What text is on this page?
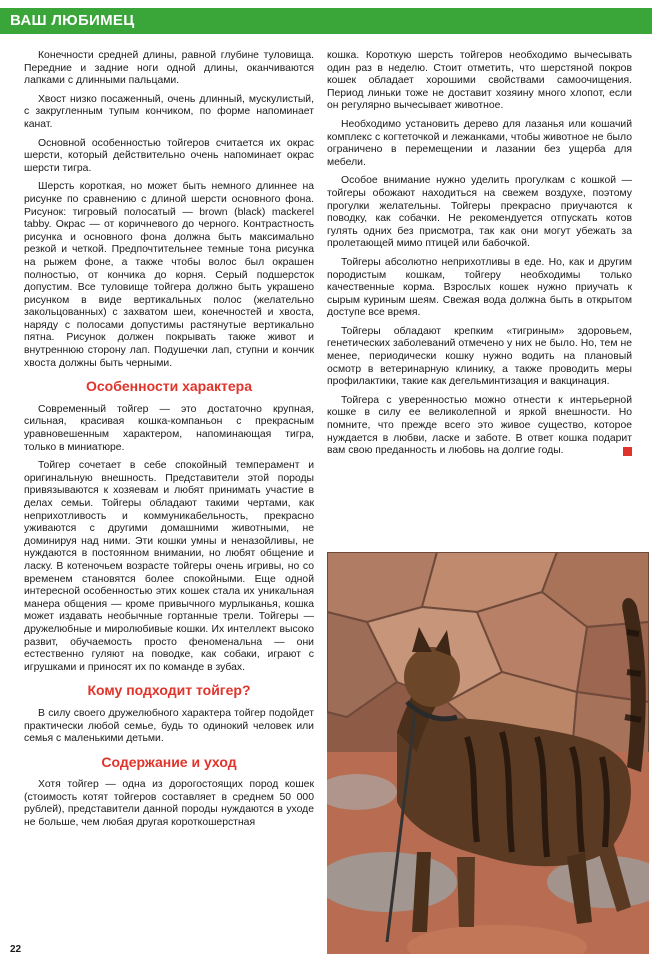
ВАШ ЛЮБИМЕЦ

Конечности средней длины, равной глубине туловища. Передние и задние ноги одной длины, оканчиваются лапками с длинными пальцами.

Хвост низко посаженный, очень длинный, мускулистый, с закругленным тупым кончиком, по форме напоминает канат.

Основной особенностью тойгеров считается их окрас шерсти, который действительно очень напоминает окрас шерсти тигра.

Шерсть короткая, но может быть немного длиннее на рисунке по сравнению с длиной шерсти основного фона. Рисунок: тигровый полосатый — brown (black) mackerel tabby. Окрас — от коричневого до черного. Контрастность рисунка и основного фона должна быть максимально резкой и четкой. Предпочтительнее темные тона рисунка на рыжем фоне, а также чтобы волос был окрашен полностью, от кончика до корня. Серый подшерсток допустим. Все туловище тойгера должно быть украшено рисунком в виде вертикальных полос (желательно закольцованных) с захватом шеи, конечностей и хвоста, наряду с полосами допустимы растянутые вертикально пятна. Рисунок должен покрывать также живот и внутреннюю сторону лап. Подушечки лап, ступни и кончик хвоста должны быть черными.

Особенности характера

Современный тойгер — это достаточно крупная, сильная, красивая кошка-компаньон с прекрасным уравновешенным характером, напоминающая тигра, только в миниатюре.

Тойгер сочетает в себе спокойный темперамент и оригинальную внешность. Представители этой породы привязываются к хозяевам и любят принимать участие в делах семьи. Тойгеры обладают такими чертами, как неприхотливость и коммуникабельность, прекрасно уживаются с другими домашними животными, не доминируя над ними. Эти кошки умны и неназойливы, не нуждаются в постоянном внимании, но любят общение и ласку. В котеночьем возрасте тойгеры очень игривы, но со временем становятся более спокойными. Еще одной интересной особенностью этих кошек стала их уникальная манера общения — кроме привычного мурлыканья, кошка может издавать необычные гортанные трели. Тойгеры — дружелюбные и миролюбивые кошки. Их интеллект высоко развит, обучаемость просто феноменальна — они естественно гуляют на поводке, как собаки, играют с игрушками и приносят их по команде в зубах.

Кому подходит тойгер?

В силу своего дружелюбного характера тойгер подойдет практически любой семье, будь то одинокий человек или семья с маленькими детьми.

Содержание и уход

Хотя тойгер — одна из дорогостоящих пород кошек (стоимость котят тойгеров составляет в среднем 50 000 рублей), представители данной породы нуждаются в уходе не больше, чем любая другая короткошерстная

кошка. Короткую шерсть тойгеров необходимо вычесывать один раз в неделю. Стоит отметить, что шерстяной покров кошек обладает хорошими свойствами самоочищения. Период линьки тоже не доставит хозяину много хлопот, если он регулярно вычесывает животное.

Необходимо установить дерево для лазанья или кошачий комплекс с когтеточкой и лежанками, чтобы животное не было ограничено в перемещении и лазании без ущерба для мебели.

Особое внимание нужно уделить прогулкам с кошкой — тойгеры обожают находиться на свежем воздухе, поэтому прогулки желательны. Тойгеры прекрасно приучаются к поводку, как собачки. Не рекомендуется отпускать котов гулять одних без присмотра, так как они могут убежать за пролетающей мимо птицей или бабочкой.

Тойгеры абсолютно неприхотливы в еде. Но, как и другим породистым кошкам, тойгеру необходимы только качественные корма. Взрослых кошек нужно приучать к сырым куриным шеям. Свежая вода должна быть в открытом доступе все время.

Тойгеры обладают крепким «тигриным» здоровьем, генетических заболеваний отмечено у них не было. Но, тем не менее, периодически кошку нужно водить на плановый осмотр в ветеринарную клинику, а также проводить меры профилактики, такие как дегельминтизация и вакцинация.

Тойгера с уверенностью можно отнести к интерьерной кошке в силу ее великолепной и яркой внешности. Но помните, что прежде всего это живое существо, которое нуждается в любви, ласке и заботе. В ответ кошка подарит вам свою преданность и любовь на долгие годы.

22
